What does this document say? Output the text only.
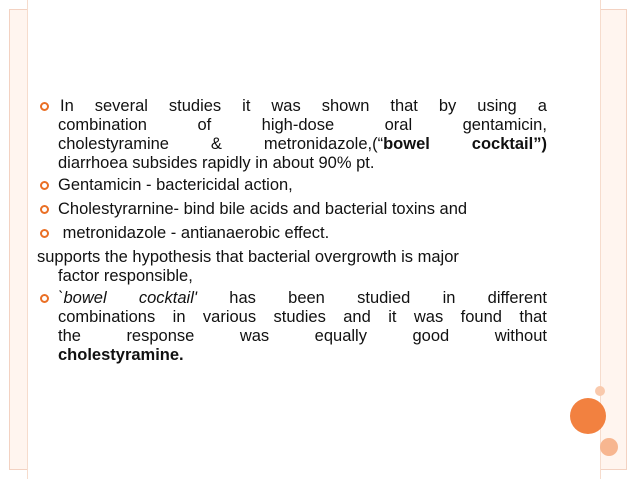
In several studies it was shown that by using a
combination	of	high-dose	oral	gentamicin,
cholestyramine	&	metronidazole,(“bowel	cocktail”)
diarrhoea subsides rapidly in about 90% pt.
Gentamicin - bactericidal action,
Cholestyrarnine- bind bile acids and bacterial toxins and
metronidazole - antianaerobic effect.
supports the hypothesis that bacterial overgrowth is major
factor responsible,
`bowel cocktail' has been studied in different
combinations in various studies and it was found that
the	response	was	equally	good	without
cholestyramine.
